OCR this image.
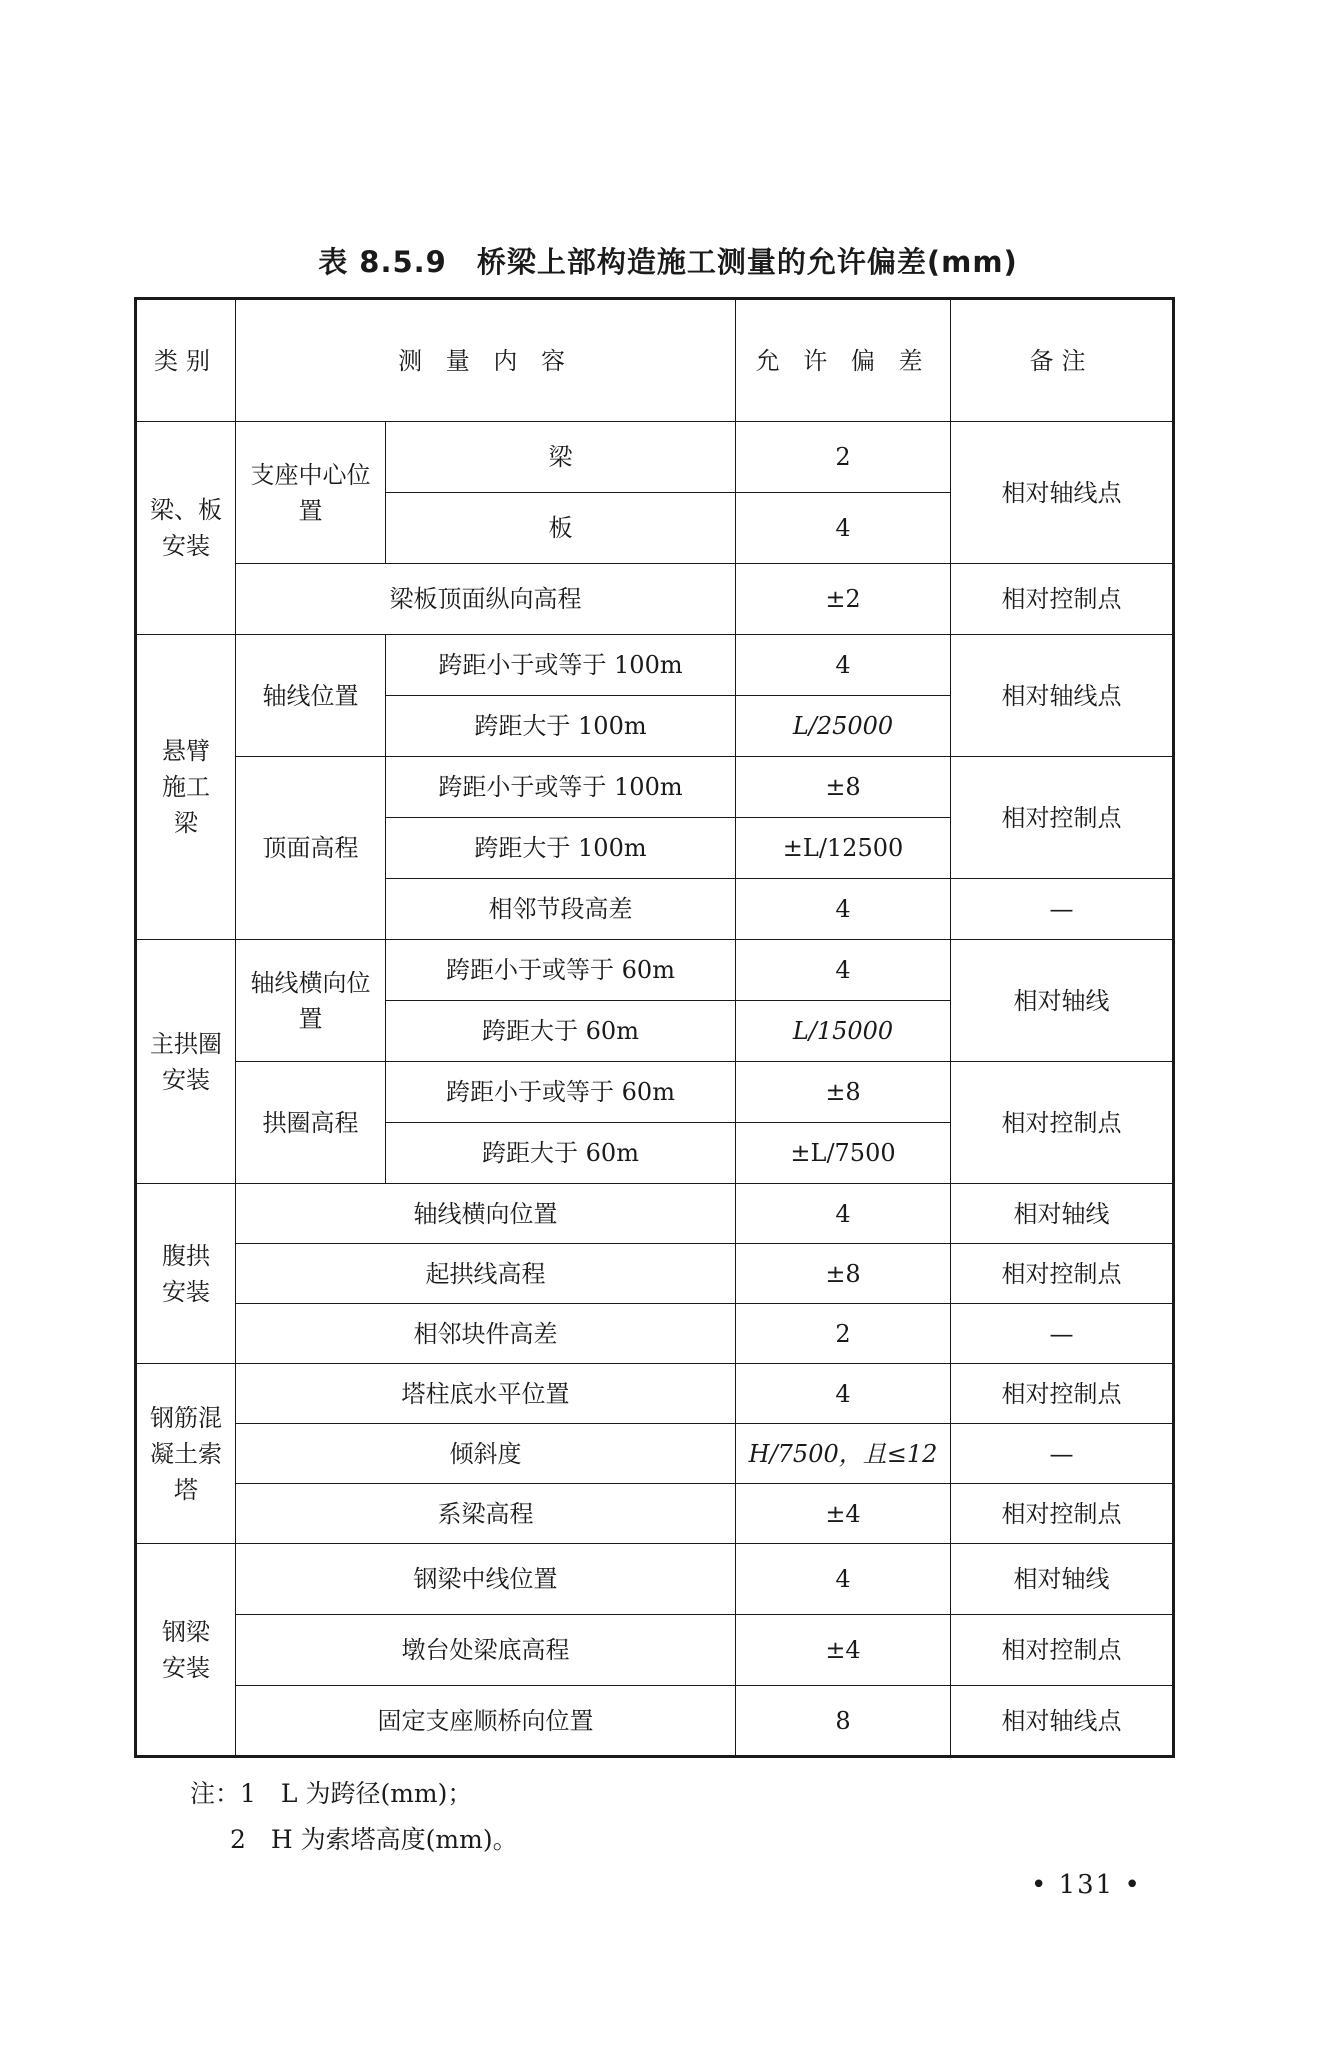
表 8.5.9　桥梁上部构造施工测量的允许偏差(mm)
类别	测 量 内 容		允 许 偏 差	备注
梁、板安装	支座中心位置	梁	2	相对轴线点
		板	4	
	梁板顶面纵向高程		±2	相对控制点
悬臂施工梁	轴线位置	跨距小于或等于 100m	4	相对轴线点
		跨距大于 100m	L/25000	
	顶面高程	跨距小于或等于 100m	±8	相对控制点
		跨距大于 100m	±L/12500	
		相邻节段高差	4	—
主拱圈安装	轴线横向位置	跨距小于或等于 60m	4	相对轴线
		跨距大于 60m	L/15000	
	拱圈高程	跨距小于或等于 60m	±8	相对控制点
		跨距大于 60m	±L/7500	
腹拱安装	轴线横向位置		4	相对轴线
	起拱线高程		±8	相对控制点
	相邻块件高差		2	—
钢筋混凝土索塔	塔柱底水平位置		4	相对控制点
	倾斜度		H/7500，且≤12	—
	系梁高程		±4	相对控制点
钢梁安装	钢梁中线位置		4	相对轴线
	墩台处梁底高程		±4	相对控制点
	固定支座顺桥向位置		8	相对轴线点
注：1　L 为跨径(mm)；
2　H 为索塔高度(mm)。
• 131 •
